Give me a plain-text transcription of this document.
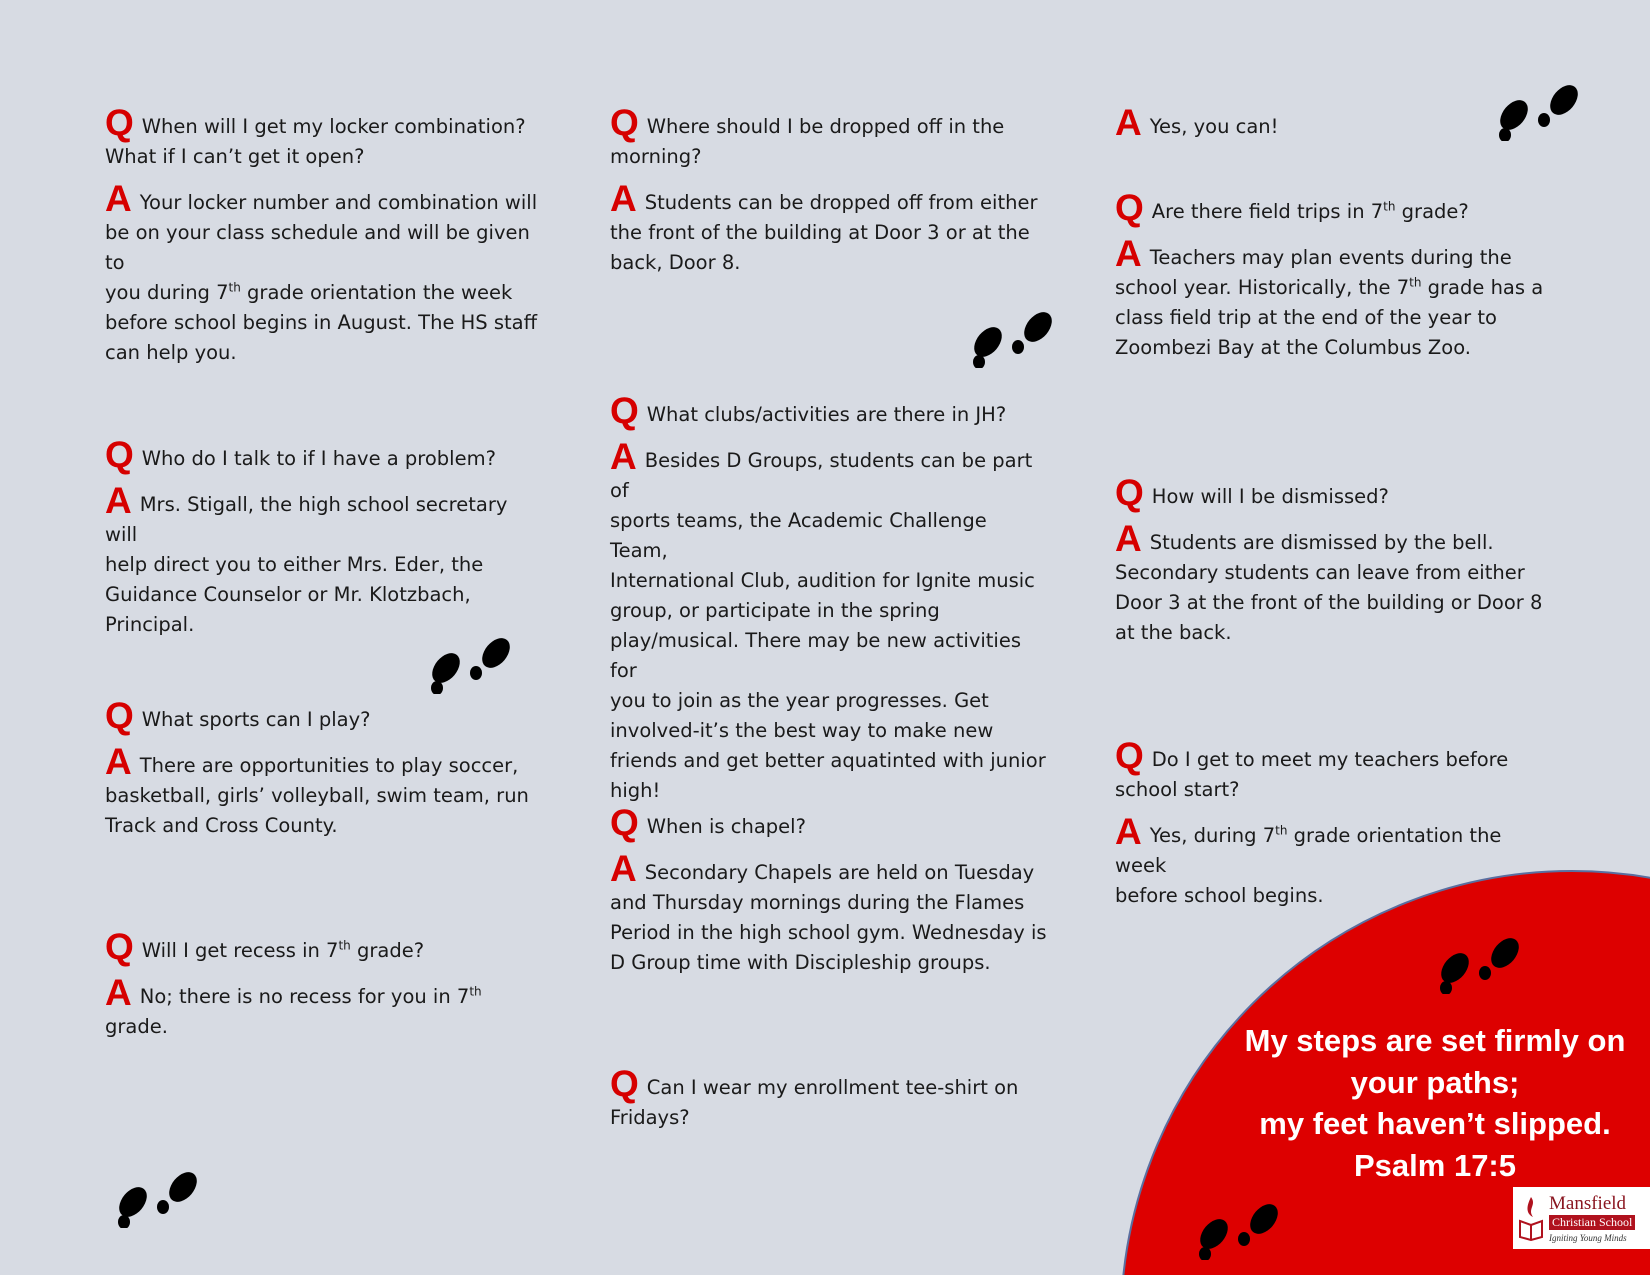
Q When will I get my locker combination?

What if I can’t get it open?

A Your locker number and combination will

be on your class schedule and will be given to

you during 7th grade orientation the week

before school begins in August. The HS staff

can help you.

Q Who do I talk to if I have a problem?

A Mrs. Stigall, the high school secretary will

help direct you to either Mrs. Eder, the

Guidance Counselor or Mr. Klotzbach,

Principal.

Q What sports can I play?

A There are opportunities to play soccer,

basketball, girls’ volleyball, swim team, run

Track and Cross County.

Q Will I get recess in 7th grade?

A No; there is no recess for you in 7th grade.

Q Where should I be dropped off in the

morning?

A Students can be dropped off from either

the front of the building at Door 3 or at the

back, Door 8.

Q What clubs/activities are there in JH?

A Besides D Groups, students can be part of

sports teams, the Academic Challenge Team,

International Club, audition for Ignite music

group, or participate in the spring

play/musical. There may be new activities for

you to join as the year progresses. Get

involved-it’s the best way to make new

friends and get better aquatinted with junior

high!

Q When is chapel?

A Secondary Chapels are held on Tuesday

and Thursday mornings during the Flames

Period in the high school gym. Wednesday is

D Group time with Discipleship groups.

Q Can I wear my enrollment tee-shirt on

Fridays?

A Yes, you can!

Q Are there field trips in 7th grade?

A Teachers may plan events during the

school year. Historically, the 7th grade has a

class field trip at the end of the year to

Zoombezi Bay at the Columbus Zoo.

Q How will I be dismissed?

A Students are dismissed by the bell.

Secondary students can leave from either

Door 3 at the front of the building or Door 8

at the back.

Q Do I get to meet my teachers before

school start?

A Yes, during 7th grade orientation the week

before school begins.

My steps are set firmly on
your paths;
my feet haven’t slipped.
Psalm 17:5
Mansfield
Christian School
Igniting Young Minds
